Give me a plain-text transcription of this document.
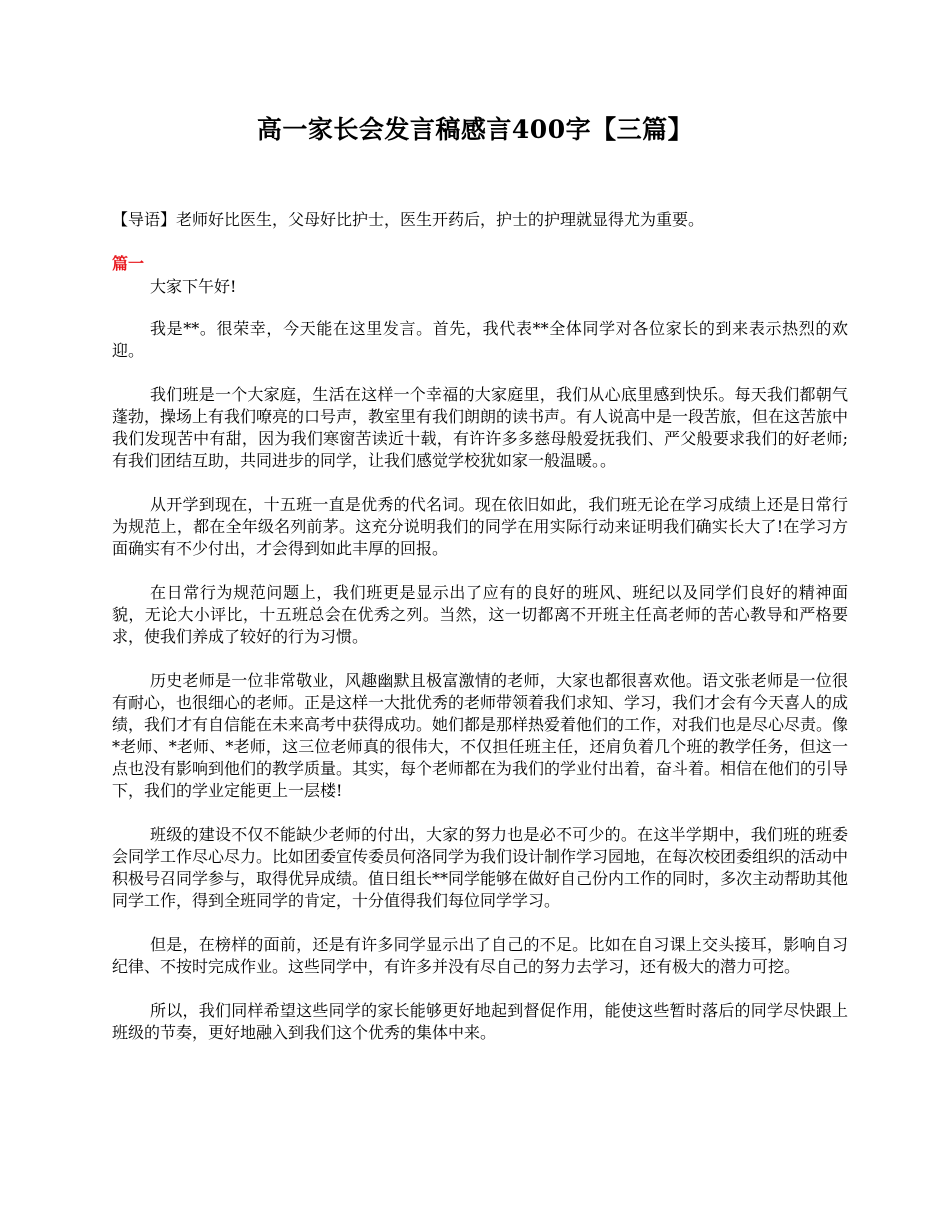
高一家长会发言稿感言400字【三篇】
【导语】老师好比医生，父母好比护士，医生开药后，护士的护理就显得尤为重要。
篇一

大家下午好!

我是**。很荣幸，今天能在这里发言。首先，我代表**全体同学对各位家长的到来表示热烈的欢迎。

我们班是一个大家庭，生活在这样一个幸福的大家庭里，我们从心底里感到快乐。每天我们都朝气蓬勃，操场上有我们嘹亮的口号声，教室里有我们朗朗的读书声。有人说高中是一段苦旅，但在这苦旅中我们发现苦中有甜，因为我们寒窗苦读近十载，有许许多多慈母般爱抚我们、严父般要求我们的好老师;有我们团结互助，共同进步的同学，让我们感觉学校犹如家一般温暖。。

从开学到现在，十五班一直是优秀的代名词。现在依旧如此，我们班无论在学习成绩上还是日常行为规范上，都在全年级名列前茅。这充分说明我们的同学在用实际行动来证明我们确实长大了!在学习方面确实有不少付出，才会得到如此丰厚的回报。

在日常行为规范问题上，我们班更是显示出了应有的良好的班风、班纪以及同学们良好的精神面貌，无论大小评比，十五班总会在优秀之列。当然，这一切都离不开班主任高老师的苦心教导和严格要求，使我们养成了较好的行为习惯。

历史老师是一位非常敬业，风趣幽默且极富激情的老师，大家也都很喜欢他。语文张老师是一位很有耐心，也很细心的老师。正是这样一大批优秀的老师带领着我们求知、学习，我们才会有今天喜人的成绩，我们才有自信能在未来高考中获得成功。她们都是那样热爱着他们的工作，对我们也是尽心尽责。像*老师、*老师、*老师，这三位老师真的很伟大，不仅担任班主任，还肩负着几个班的教学任务，但这一点也没有影响到他们的教学质量。其实，每个老师都在为我们的学业付出着，奋斗着。相信在他们的引导下，我们的学业定能更上一层楼!

班级的建设不仅不能缺少老师的付出，大家的努力也是必不可少的。在这半学期中，我们班的班委会同学工作尽心尽力。比如团委宣传委员何洛同学为我们设计制作学习园地，在每次校团委组织的活动中积极号召同学参与，取得优异成绩。值日组长**同学能够在做好自己份内工作的同时，多次主动帮助其他同学工作，得到全班同学的肯定，十分值得我们每位同学学习。

但是，在榜样的面前，还是有许多同学显示出了自己的不足。比如在自习课上交头接耳，影响自习纪律、不按时完成作业。这些同学中，有许多并没有尽自己的努力去学习，还有极大的潜力可挖。

所以，我们同样希望这些同学的家长能够更好地起到督促作用，能使这些暂时落后的同学尽快跟上班级的节奏，更好地融入到我们这个优秀的集体中来。
